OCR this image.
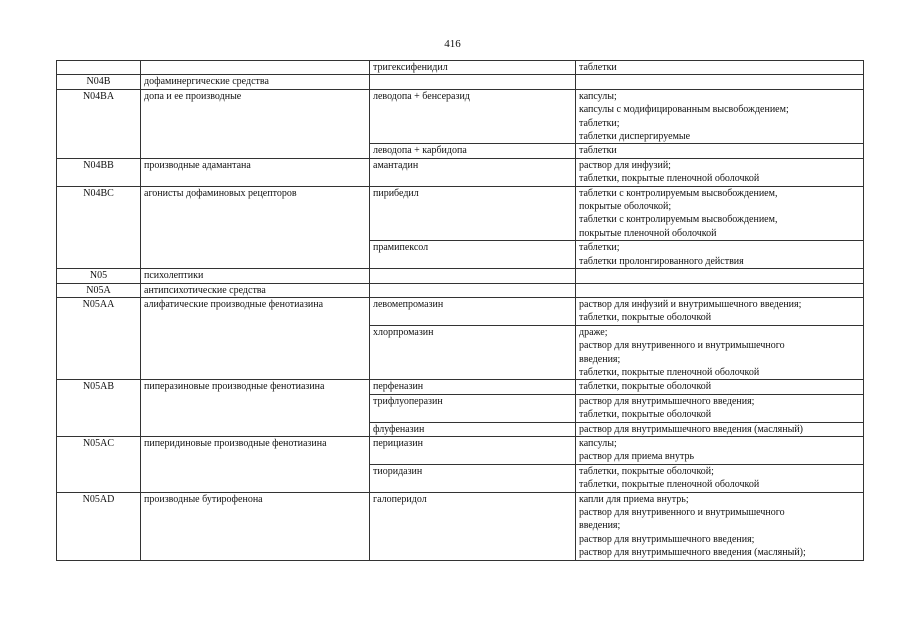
416
		тригексифенидил	таблетки

N04B	дофаминергические средства		
N04BA	допа и ее производные	леводопа + бенсеразид	капсулы;
капсулы с модифицированным высвобождением;
таблетки;
таблетки диспергируемые

		леводопа + карбидопа	таблетки

N04BB	производные адамантана	амантадин	раствор для инфузий;
таблетки, покрытые пленочной оболочкой

N04BC	агонисты дофаминовых рецепторов	пирибедил	таблетки с контролируемым высвобождением,
покрытые оболочкой;
таблетки с контролируемым высвобождением,
покрытые пленочной оболочкой

		прамипексол	таблетки;
таблетки пролонгированного действия

N05	психолептики		
N05A	антипсихотические средства		
N05AA	алифатические производные фенотиазина	левомепромазин	раствор для инфузий и внутримышечного введения;
таблетки, покрытые оболочкой

		хлорпромазин	драже;
раствор для внутривенного и внутримышечного
введения;
таблетки, покрытые пленочной оболочкой

N05AB	пиперазиновые производные фенотиазина	перфеназин	таблетки, покрытые оболочкой

		трифлуоперазин	раствор для внутримышечного введения;
таблетки, покрытые оболочкой

		флуфеназин	раствор для внутримышечного введения (масляный)

N05AC	пиперидиновые производные фенотиазина	перициазин	капсулы;
раствор для приема внутрь

		тиоридазин	таблетки, покрытые оболочкой;
таблетки, покрытые пленочной оболочкой

N05AD	производные бутирофенона	галоперидол	капли для приема внутрь;
раствор для внутривенного и внутримышечного
введения;
раствор для внутримышечного введения;
раствор для внутримышечного введения (масляный);
